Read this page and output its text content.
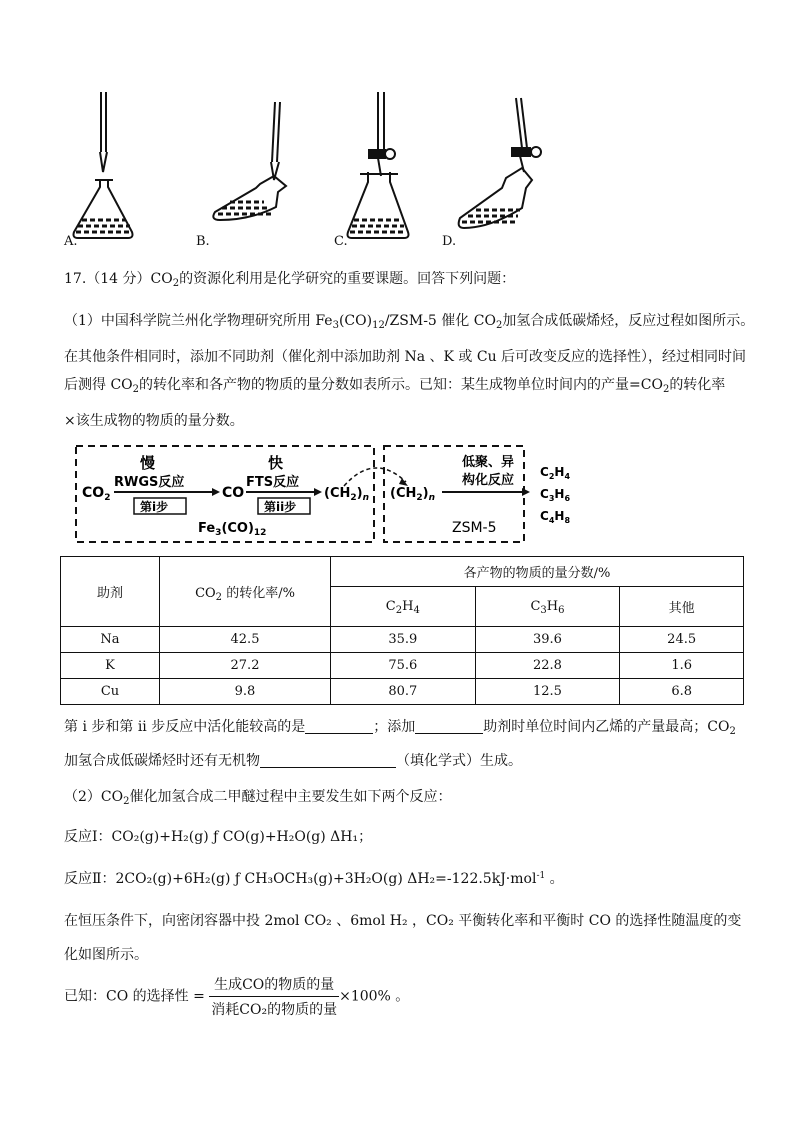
A.	B.	C.	D.
17.（14 分）$CO_2$的资源化利用是化学研究的重要课题。回答下列问题：
（1）中国科学院兰州化学物理研究所用 $Fe_3(CO)_{12}/ZSM-5$ 催化 $CO_2$加氢合成低碳烯烃，反应过程如图所示。
在其他条件相同时，添加不同助剂（催化剂中添加助剂 Na 、K 或 Cu 后可改变反应的选择性），经过相同时间
后测得 $CO_2$的转化率和各产物的物质的量分数如表所示。已知：某生成物单位时间内的产量$=CO_2$的转化率
×该生成物的物质的量分数。
慢	快
RWGS反应	FTS反应
$CO_2$
第i步
CO
第ii步
$(CH_2)_n$
$Fe_3(CO)_{12}$
$(CH_2)_n$
低聚、异
构化反应
ZSM-5
$C_2H_4$
$C_3H_6$
$C_4H_8$
助剂	$CO_2$ 的转化率/%	各产物的物质的量分数/%		
		$C_2H_4$	$C_3H_6$	其他
Na	42.5	35.9	39.6	24.5
K	27.2	75.6	22.8	1.6
Cu	9.8	80.7	12.5	6.8
第 i 步和第 ii 步反应中活化能较高的是	；添加	助剂时单位时间内乙烯的产量最高；$CO_2$
加氢合成低碳烯烃时还有无机物	（填化学式）生成。
$(2)CO_2$催化加氢合成二甲醚过程中主要发生如下两个反应：
反应Ⅰ：CO₂(g)+H₂(g) ƒ CO(g)+H₂O(g) ΔH₁；
反应Ⅱ：2CO₂(g)+6H₂(g) ƒ CH₃OCH₃(g)+3H₂O(g) ΔH₂=-122.5kJ·mol$^{-1}$ 。
在恒压条件下，向密闭容器中投 2mol CO₂ 、6mol H₂ ，CO₂ 平衡转化率和平衡时 CO 的选择性随温度的变
化如图所示。
已知：CO 的选择性 = $\frac{\text{生成CO的物质的量}}{\text{消耗CO₂的物质的量}} \times 100\%$ 。
